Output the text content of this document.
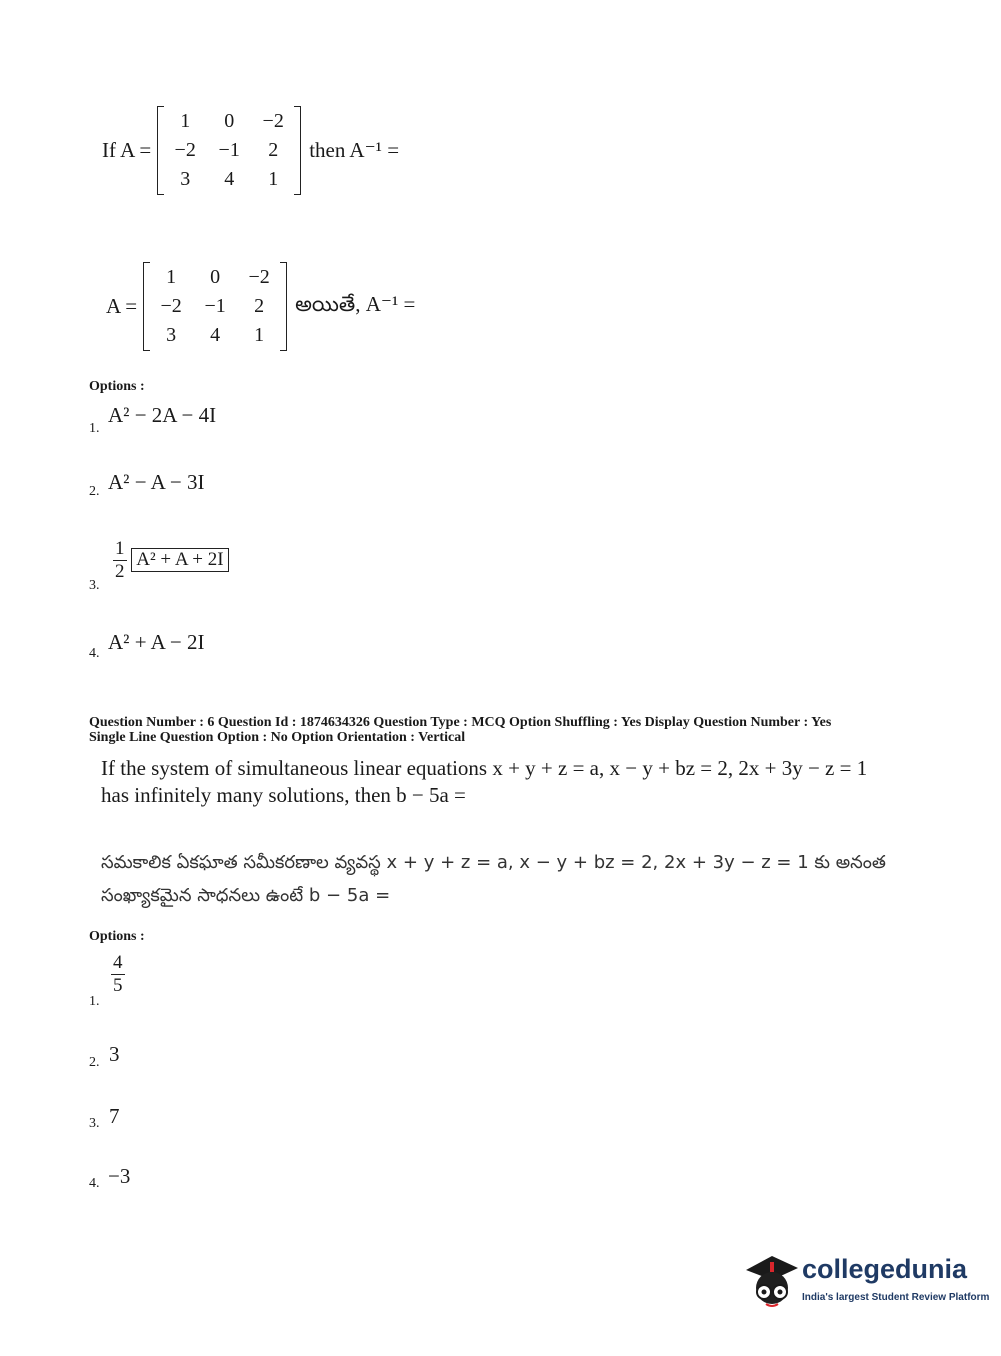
If A =
1	0	−2
−2	−1	2
3	4	1
then A⁻¹ =
A =
1	0	−2
−2	−1	2
3	4	1
అయితే, A⁻¹ =
Options :
1.
A² − 2A − 4I
2. A² − A − 3I
3.
$\frac{1}{2} A^2 + A + 2I$
4. A² + A − 2I
Question Number : 6 Question Id : 1874634326 Question Type : MCQ Option Shuffling : Yes Display Question Number : Yes
Single Line Question Option : No Option Orientation : Vertical
If the system of simultaneous linear equations x + y + z = a, x − y + bz = 2, 2x + 3y − z = 1
has infinitely many solutions, then b − 5a =
సమకాలిక ఏకఘాత సమీకరణాల వ్యవస్థ x + y + z = a, x − y + bz = 2, 2x + 3y − z = 1 కు అనంత
సంఖ్యాకమైన సాధనలు ఉంటే b − 5a =
Options :
1.
$\frac{4}{5}$
2. 3
3. 7
4. −3
collegedunia
India's largest Student Review Platform
